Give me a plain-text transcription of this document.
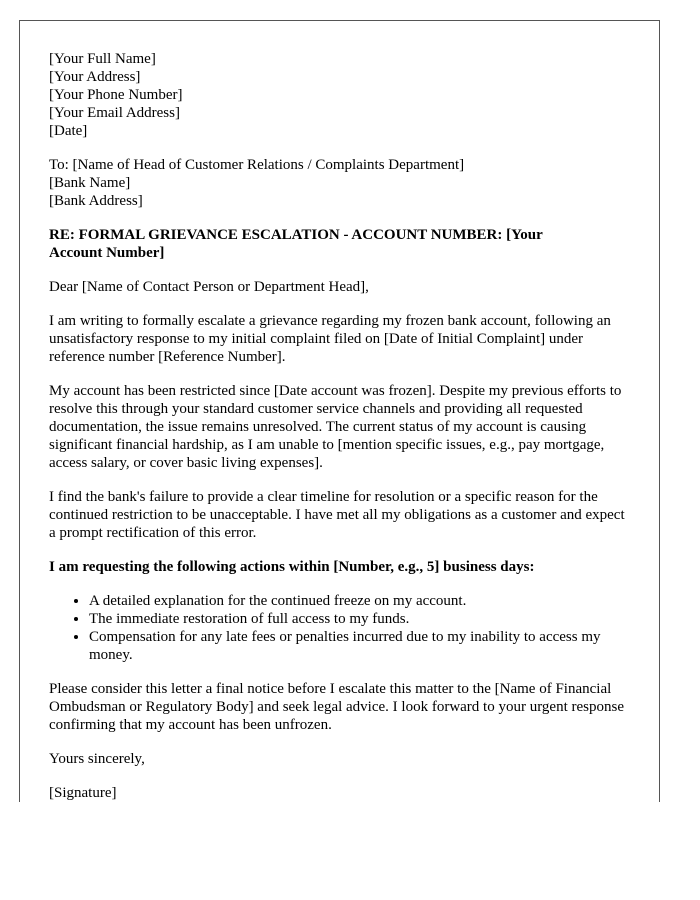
[Your Full Name]
[Your Address]
[Your Phone Number]
[Your Email Address]
[Date]
To: [Name of Head of Customer Relations / Complaints Department]
[Bank Name]
[Bank Address]
RE: FORMAL GRIEVANCE ESCALATION - ACCOUNT NUMBER: [Your
Account Number]

Dear [Name of Contact Person or Department Head],

I am writing to formally escalate a grievance regarding my frozen bank account, following an unsatisfactory response to my initial complaint filed on [Date of Initial Complaint] under reference number [Reference Number].

My account has been restricted since [Date account was frozen]. Despite my previous efforts to resolve this through your standard customer service channels and providing all requested documentation, the issue remains unresolved. The current status of my account is causing significant financial hardship, as I am unable to [mention specific issues, e.g., pay mortgage, access salary, or cover basic living expenses].

I find the bank's failure to provide a clear timeline for resolution or a specific reason for the continued restriction to be unacceptable. I have met all my obligations as a customer and expect a prompt rectification of this error.

I am requesting the following actions within [Number, e.g., 5] business days:

• A detailed explanation for the continued freeze on my account.
• The immediate restoration of full access to my funds.
• Compensation for any late fees or penalties incurred due to my inability to access my money.

Please consider this letter a final notice before I escalate this matter to the [Name of Financial Ombudsman or Regulatory Body] and seek legal advice. I look forward to your urgent response confirming that my account has been unfrozen.

Yours sincerely,

[Signature]
